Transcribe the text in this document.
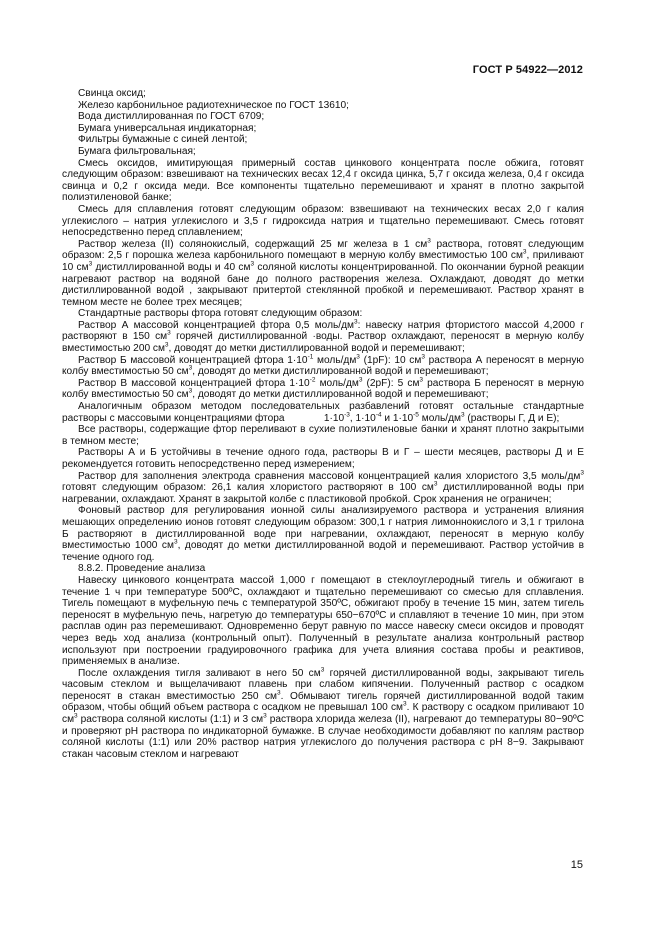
ГОСТ Р 54922—2012

Свинца оксид;

Железо карбонильное радиотехническое по ГОСТ 13610;

Вода дистиллированная по ГОСТ 6709;

Бумага универсальная индикаторная;

Фильтры бумажные с синей лентой;

Бумага фильтровальная;

Смесь оксидов, имитирующая примерный состав цинкового концентрата после обжига, готовят следующим образом: взвешивают на технических весах 12,4 г оксида цинка, 5,7 г оксида железа, 0,4 г оксида свинца и 0,2 г оксида меди. Все компоненты тщательно перемешивают и хранят в плотно закрытой полиэтиленовой банке;

Смесь для сплавления готовят следующим образом: взвешивают на технических весах 2,0 г калия углекислого – натрия углекислого и 3,5 г гидроксида натрия и тщательно перемешивают. Смесь готовят непосредственно перед сплавлением;

Раствор железа (II) солянокислый, содержащий 25 мг железа в 1 $см^3$ раствора, готовят следующим образом: 2,5 г порошка железа карбонильного помещают в мерную колбу вместимостью 100 $см^3$, приливают 10 $см^3$ дистиллированной воды и 40 $см^3$ соляной кислоты концентрированной. По окончании бурной реакции нагревают раствор на водяной бане до полного растворения железа. Охлаждают, доводят до метки дистиллированной водой , закрывают притертой стеклянной пробкой и перемешивают. Раствор хранят в темном месте не более трех месяцев;

Стандартные растворы фтора готовят следующим образом:

Раствор А массовой концентрацией фтора 0,5 моль/$дм^3$: навеску натрия фтористого массой 4,2000 г растворяют в 150 $см^3$ горячей дистиллированной ·воды. Раствор охлаждают, переносят в мерную колбу вместимостью 200 $см^3$, доводят до метки дистиллированной водой и перемешивают;

Раствор Б массовой концентрацией фтора $1\cdot 10^{-1}$ моль/$дм^3$ (1pF): 10 $см^3$ раствора А переносят в мерную колбу вместимостью 50 $см^3$, доводят до метки дистиллированной водой и перемешивают;

Раствор В массовой концентрацией фтора $1\cdot 10^{-2}$ моль/$дм^3$ (2pF): 5 $см^3$ раствора Б переносят в мерную колбу вместимостью 50 $см^3$, доводят до метки дистиллированной водой и перемешивают;

Аналогичным образом методом последовательных разбавлений готовят остальные стандартные растворы с массовыми концентрациями фтора              $1\cdot 10^{-3}$, $1\cdot 10^{-4}$ и $1\cdot 10^{-5}$ моль/$дм^3$ (растворы Г, Д и Е);

Все растворы, содержащие фтор переливают в сухие полиэтиленовые банки и хранят плотно закрытыми в темном месте;

Растворы А и Б устойчивы в течение одного года, растворы В и Г – шести месяцев, растворы Д и Е рекомендуется готовить непосредственно перед измерением;

Раствор для заполнения электрода сравнения массовой концентрацией калия хлористого 3,5 моль/$дм^3$ готовят следующим образом: 26,1 калия хлористого растворяют в 100 $см^3$ дистиллированной воды при нагревании, охлаждают. Хранят в закрытой колбе с пластиковой пробкой. Срок хранения не ограничен;

Фоновый раствор для регулирования ионной силы анализируемого раствора и устранения влияния мешающих определению ионов готовят следующим образом: 300,1 г натрия лимоннокислого и 3,1 г трилона Б растворяют в дистиллированной воде при нагревании, охлаждают, переносят в мерную колбу вместимостью 1000 $см^3$, доводят до метки дистиллированной водой и перемешивают. Раствор устойчив в течение одного год.

8.8.2. Проведение анализа

Навеску цинкового концентрата массой 1,000 г помещают в стеклоуглеродный тигель и обжигают в течение 1 ч при температуре 500ºС, охлаждают и тщательно перемешивают со смесью для сплавления. Тигель помещают в муфельную печь с температурой 350ºС, обжигают пробу в течение 15 мин, затем тигель переносят в муфельную печь, нагретую до температуры 650−670ºС и сплавляют в течение 10 мин, при этом расплав один раз перемешивают. Одновременно берут равную по массе навеску смеси оксидов и проводят через ведь ход анализа (контрольный опыт). Полученный в результате анализа контрольный раствор используют при построении градуировочного графика для учета влияния состава пробы и реактивов, применяемых в анализе.

После охлаждения тигля заливают в него 50 $см^3$ горячей дистиллированной воды, закрывают тигель часовым стеклом и выщелачивают плавень при слабом кипячении. Полученный раствор с осадком переносят в стакан вместимостью 250 $см^3$. Обмывают тигель горячей дистиллированной водой таким образом, чтобы общий объем раствора с осадком не превышал 100 $см^3$. К раствору с осадком приливают 10 $см^3$ раствора соляной кислоты (1:1) и 3 $см^3$ раствора хлорида железа (II), нагревают до температуры 80−90ºС и проверяют pH раствора по индикаторной бумажке. В случае необходимости добавляют по каплям раствор соляной кислоты (1:1) или 20% раствор натрия углекислого до получения раствора с pH 8−9. Закрывают стакан часовым стеклом и нагревают

15
